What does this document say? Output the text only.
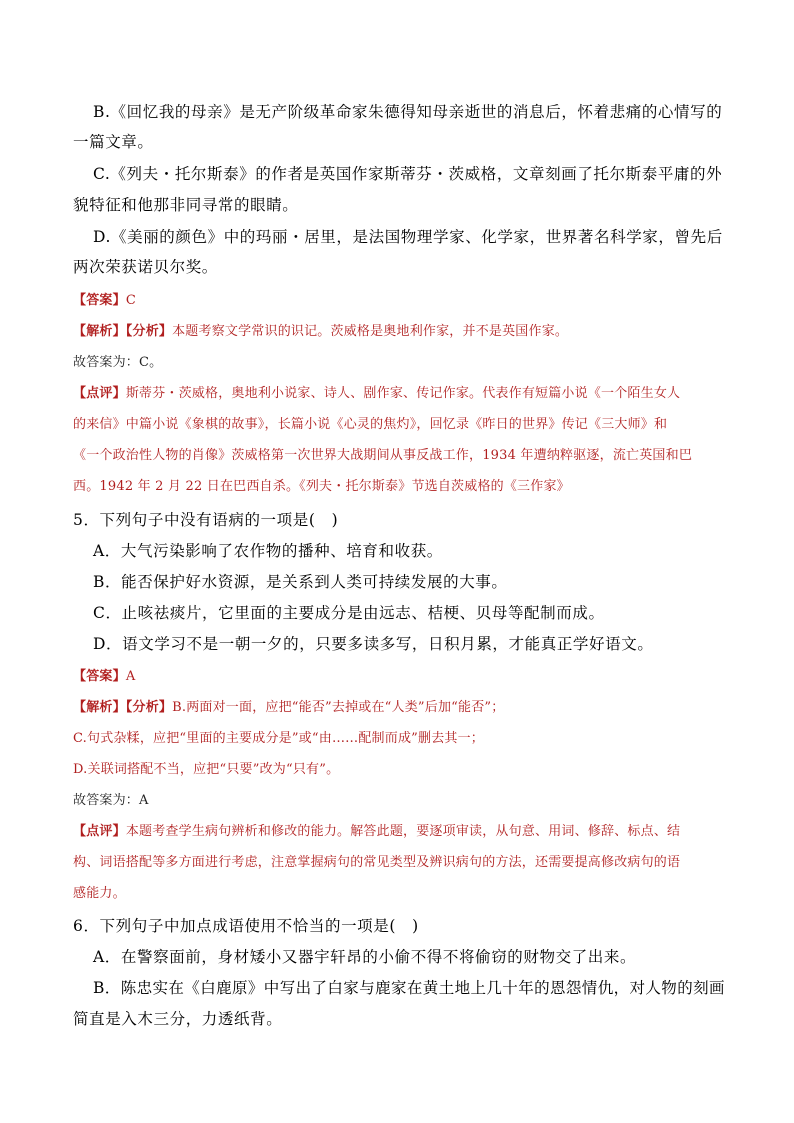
B.《回忆我的母亲》是无产阶级革命家朱德得知母亲逝世的消息后，怀着悲痛的心情写的

一篇文章。

C.《列夫・托尔斯泰》的作者是英国作家斯蒂芬・茨威格，文章刻画了托尔斯泰平庸的外

貌特征和他那非同寻常的眼睛。

D.《美丽的颜色》中的玛丽・居里，是法国物理学家、化学家，世界著名科学家，曾先后

两次荣获诺贝尔奖。

【答案】C

【解析】【分析】本题考察文学常识的识记。茨威格是奥地利作家，并不是英国作家。

故答案为：C。

【点评】斯蒂芬・茨威格，奥地利小说家、诗人、剧作家、传记作家。代表作有短篇小说《一个陌生女人

的来信》中篇小说《象棋的故事》，长篇小说《心灵的焦灼》，回忆录《昨日的世界》传记《三大师》和

《一个政治性人物的肖像》茨威格第一次世界大战期间从事反战工作，1934 年遭纳粹驱逐，流亡英国和巴

西。1942 年 2 月 22 日在巴西自杀。《列夫・托尔斯泰》节选自茨威格的《三作家》

5．下列句子中没有语病的一项是(　)

A．大气污染影响了农作物的播种、培育和收获。

B．能否保护好水资源，是关系到人类可持续发展的大事。

C．止咳祛痰片，它里面的主要成分是由远志、桔梗、贝母等配制而成。

D．语文学习不是一朝一夕的，只要多读多写，日积月累，才能真正学好语文。

【答案】A

【解析】【分析】B.两面对一面，应把“能否”去掉或在“人类”后加“能否”；

C.句式杂糅，应把“里面的主要成分是”或“由……配制而成”删去其一；

D.关联词搭配不当，应把“只要”改为“只有”。

故答案为：A

【点评】本题考查学生病句辨析和修改的能力。解答此题，要逐项审读，从句意、用词、修辞、标点、结

构、词语搭配等多方面进行考虑，注意掌握病句的常见类型及辨识病句的方法，还需要提高修改病句的语

感能力。

6．下列句子中加点成语使用不恰当的一项是(　)

A．在警察面前，身材矮小又器宇轩昂的小偷不得不将偷窃的财物交了出来。

B．陈忠实在《白鹿原》中写出了白家与鹿家在黄土地上几十年的恩怨情仇，对人物的刻画

简直是入木三分，力透纸背。
